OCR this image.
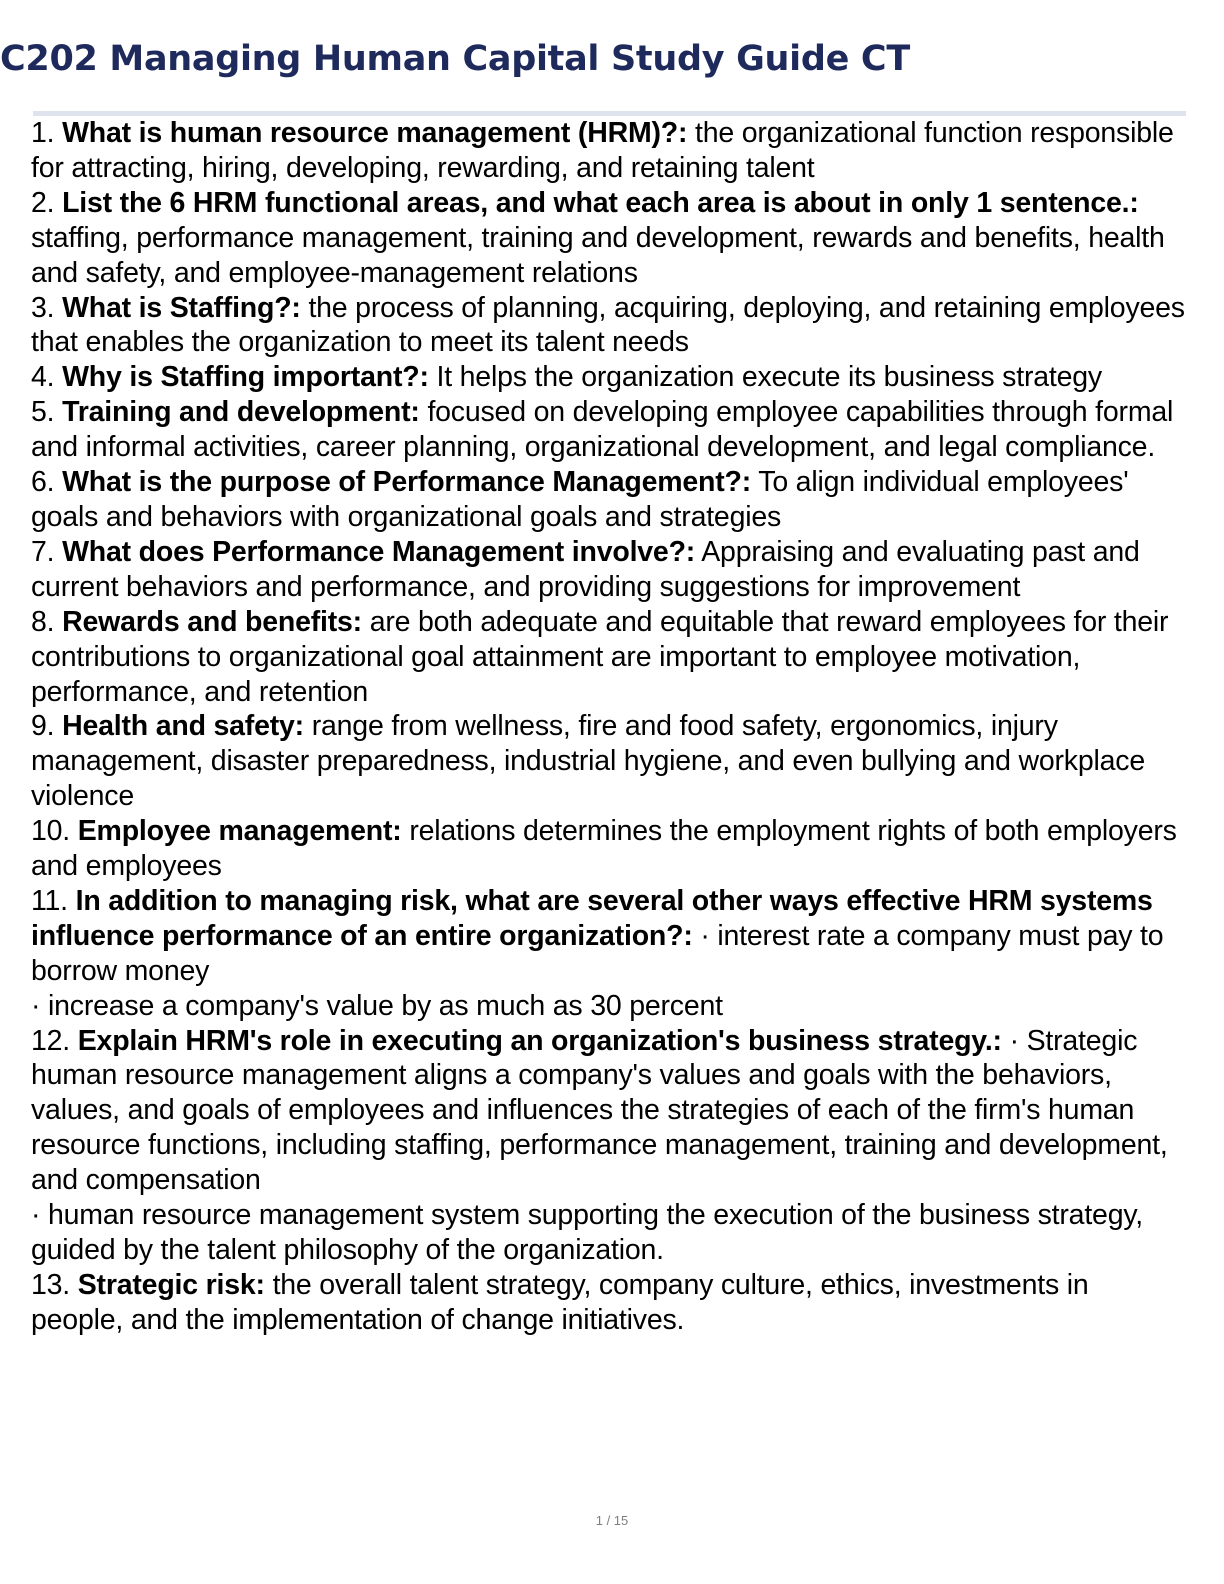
C202 Managing Human Capital Study Guide CT

1. What is human resource management (HRM)?: the organizational function responsible for attracting, hiring, developing, rewarding, and retaining talent

2. List the 6 HRM functional areas, and what each area is about in only 1 sentence.: staffing, performance management, training and development, rewards and benefits, health and safety, and employee-management relations

3. What is Staffing?: the process of planning, acquiring, deploying, and retaining employees that enables the organization to meet its talent needs

4. Why is Staffing important?: It helps the organization execute its business strategy

5. Training and development: focused on developing employee capabilities through formal and informal activities, career planning, organizational development, and legal compliance.

6. What is the purpose of Performance Management?: To align individual employees' goals and behaviors with organizational goals and strategies

7. What does Performance Management involve?: Appraising and evaluating past and current behaviors and performance, and providing suggestions for improvement

8. Rewards and benefits: are both adequate and equitable that reward employees for their contributions to organizational goal attainment are important to employee motivation, performance, and retention

9. Health and safety: range from wellness, fire and food safety, ergonomics, injury management, disaster preparedness, industrial hygiene, and even bullying and workplace violence

10. Employee management: relations determines the employment rights of both employers and employees

11. In addition to managing risk, what are several other ways effective HRM systems influence performance of an entire organization?: · interest rate a company must pay to borrow money

· increase a company's value by as much as 30 percent

12. Explain HRM's role in executing an organization's business strategy.: · Strategic human resource management aligns a company's values and goals with the behaviors, values, and goals of employees and influences the strategies of each of the firm's human resource functions, including staffing, performance management, training and development, and compensation

· human resource management system supporting the execution of the business strategy, guided by the talent philosophy of the organization.

13. Strategic risk: the overall talent strategy, company culture, ethics, investments in people, and the implementation of change initiatives.

1 / 15
